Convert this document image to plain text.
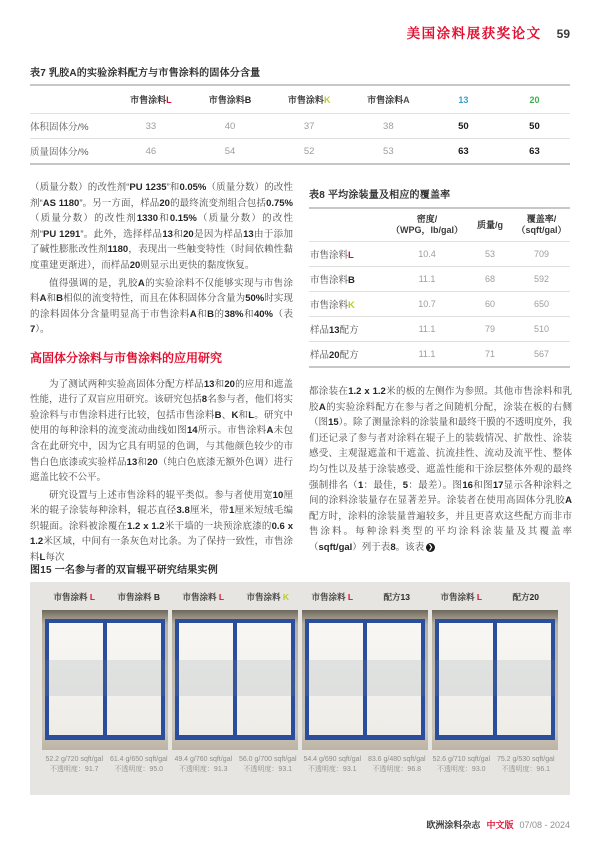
美国涂料展获奖论文 59
表7 乳胶A的实验涂料配方与市售涂料的固体分含量
	市售涂料L	市售涂料B	市售涂料K	市售涂料A	13	20
体积固体分/%	33	40	37	38	50	50
质量固体分/%	46	54	52	53	63	63

（质量分数）的改性剂“PU 1235”和0.05%（质量分数）的改性剂“AS 1180”。另一方面，样品20的最终流变剂组合包括0.75%（质量分数）的改性剂1330和0.15%（质量分数）的改性剂“PU 1291”。此外，选择样品13和20是因为样品13由于添加了碱性膨胀改性剂1180，表现出一些触变特性（时间依赖性黏度重建更渐进），而样品20则显示出更快的黏度恢复。

值得强调的是，乳胶A的实验涂料不仅能够实现与市售涂料A和B相似的流变特性，而且在体积固体分含量为50%时实现的涂料固体分含量明显高于市售涂料A和B的38%和40%（表7）。

高固体分涂料与市售涂料的应用研究

为了测试两种实验高固体分配方样品13和20的应用和遮盖性能，进行了双盲应用研究。该研究包括8名参与者，他们将实验涂料与市售涂料进行比较，包括市售涂料B、K和L。研究中使用的每种涂料的流变流动曲线如图14所示。市售涂料A未包含在此研究中，因为它具有明显的色调，与其他颜色较少的市售白色底漆或实验样品13和20（纯白色底漆无额外色调）进行遮盖比较不公平。

研究设置与上述市售涂料的辊平类似。参与者使用宽10厘米的辊子涂装每种涂料，辊芯直径3.8厘米，带1厘米短绒毛编织辊面。涂料被涂覆在1.2 x 1.2米干墙的一块预涂底漆的0.6 x 1.2米区域，中间有一条灰色对比条。为了保持一致性，市售涂料L每次

表8 平均涂装量及相应的覆盖率
	密度/
（WPG，lb/gal）	质量/g	覆盖率/
（sqft/gal）
市售涂料L	10.4	53	709
市售涂料B	11.1	68	592
市售涂料K	10.7	60	650
样品13配方	11.1	79	510
样品20配方	11.1	71	567

都涂装在1.2 x 1.2米的板的左侧作为参照。其他市售涂料和乳胶A的实验涂料配方在参与者之间随机分配，涂装在板的右侧（图15）。除了测量涂料的涂装量和最终干膜的不透明度外，我们还记录了参与者对涂料在辊子上的装载情况、扩散性、涂装感受、主观湿遮盖和干遮盖、抗流挂性、流动及流平性、整体均匀性以及基于涂装感受、遮盖性能和干涂层整体外观的最终强制排名（1：最佳，5：最差）。图16和图17显示各种涂料之间的涂料涂装量存在显著差异。涂装者在使用高固体分乳胶A配方时，涂料的涂装量普遍较多，并且更喜欢这些配方而非市售涂料。每种涂料类型的平均涂料涂装量及其覆盖率（sqft/gal）列于表8。该表 ❯

图15 一名参与者的双盲辊平研究结果实例
市售涂料 L	市售涂料 B	市售涂料 L	市售涂料 K	市售涂料 L	配方13	市售涂料 L	配方20
52.2 g/720 sqft/gal
不透明度：91.7
61.4 g/650 sqft/gal
不透明度：95.0
49.4 g/760 sqft/gal
不透明度：91.3
56.0 g/700 sqft/gal
不透明度：93.1
54.4 g/690 sqft/gal
不透明度：93.1
83.6 g/480 sqft/gal
不透明度：96.8
52.6 g/710 sqft/gal
不透明度：93.0
75.2 g/530 sqft/gal
不透明度：96.1
欧洲涂料杂志 中文版 07/08 - 2024
